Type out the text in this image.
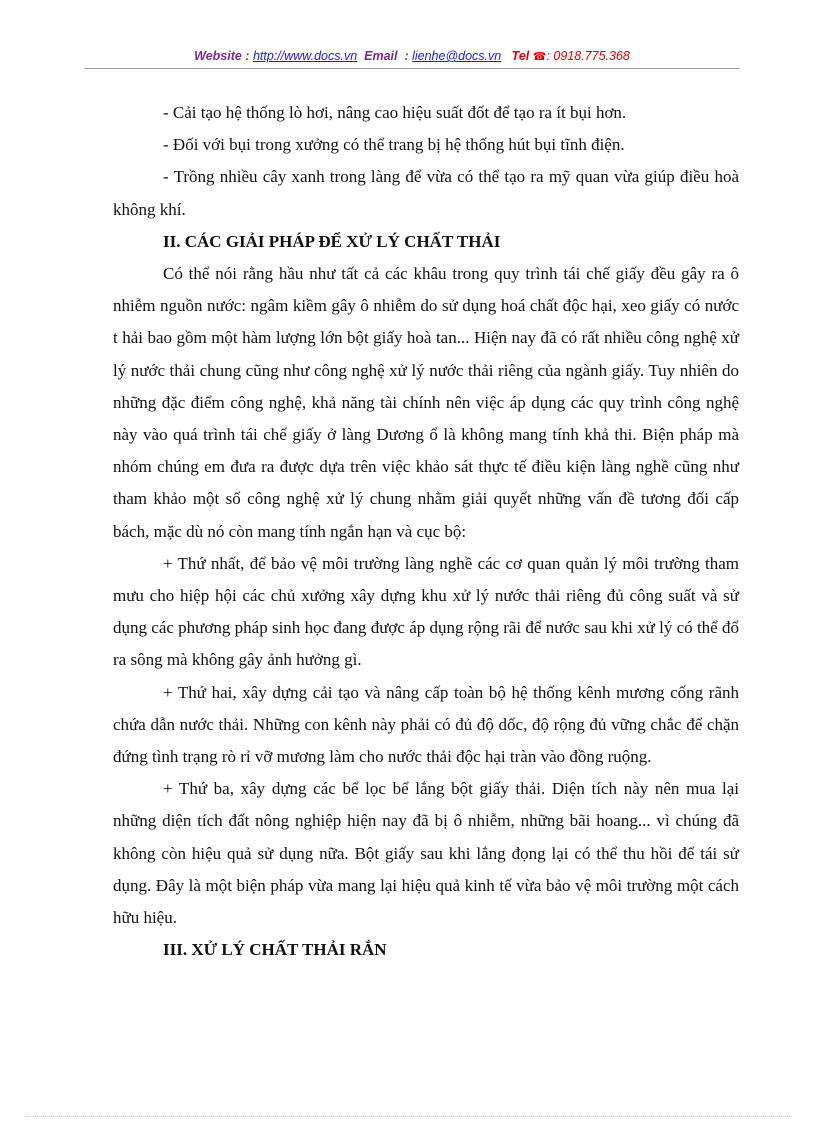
Website : http://www.docs.vn Email : lienhe@docs.vn Tel ☎: 0918.775.368

- Cải tạo hệ thống lò hơi, nâng cao hiệu suất đốt để tạo ra ít bụi hơn.

- Đối với bụi trong xưởng có thể trang bị hệ thống hút bụi tĩnh điện.

- Trồng nhiều cây xanh trong làng để vừa có thể tạo ra mỹ quan vừa giúp điều hoà không khí.

II. CÁC GIẢI PHÁP ĐỂ XỬ LÝ CHẤT THẢI

Có thể nói rằng hầu như tất cả các khâu trong quy trình tái chế giấy đều gây ra ô nhiễm nguồn nước: ngâm kiềm gây ô nhiễm do sử dụng hoá chất độc hại, xeo giấy có nước t hải bao gồm một hàm lượng lớn bột giấy hoà tan... Hiện nay đã có rất nhiều công nghệ xử lý nước thải chung cũng như công nghệ xử lý nước thải riêng của ngành giấy. Tuy nhiên do những đặc điểm công nghệ, khả năng tài chính nên việc áp dụng các quy trình công nghệ này vào quá trình tái chế giấy ở làng Dương ổ là không mang tính khả thi. Biện pháp mà nhóm chúng em đưa ra được dựa trên việc khảo sát thực tế điều kiện làng nghề cũng như tham khảo một số công nghệ xử lý chung nhằm giải quyết những vấn đề tương đối cấp bách, mặc dù nó còn mang tính ngắn hạn và cục bộ:

+ Thứ nhất, để bảo vệ môi trường làng nghề các cơ quan quản lý môi trường tham mưu cho hiệp hội các chủ xưởng xây dựng khu xử lý nước thải riêng đủ công suất và sử dụng các phương pháp sinh học đang được áp dụng rộng rãi để nước sau khi xử lý có thể đổ ra sông mà không gây ảnh hưởng gì.

+ Thứ hai, xây dựng cải tạo và nâng cấp toàn bộ hệ thống kênh mương cống rãnh chứa dẫn nước thải. Những con kênh này phải có đủ độ dốc, độ rộng đủ vững chắc để chặn đứng tình trạng rò rỉ vỡ mương làm cho nước thải độc hại tràn vào đồng ruộng.

+ Thứ ba, xây dựng các bể lọc bể lắng bột giấy thải. Diện tích này nên mua lại những diện tích đất nông nghiệp hiện nay đã bị ô nhiễm, những bãi hoang... vì chúng đã không còn hiệu quả sử dụng nữa. Bột giấy sau khi lắng đọng lại có thể thu hồi để tái sử dụng. Đây là một biện pháp vừa mang lại hiệu quả kinh tế vừa bảo vệ môi trường một cách hữu hiệu.

III. XỬ LÝ CHẤT THẢI RẮN
